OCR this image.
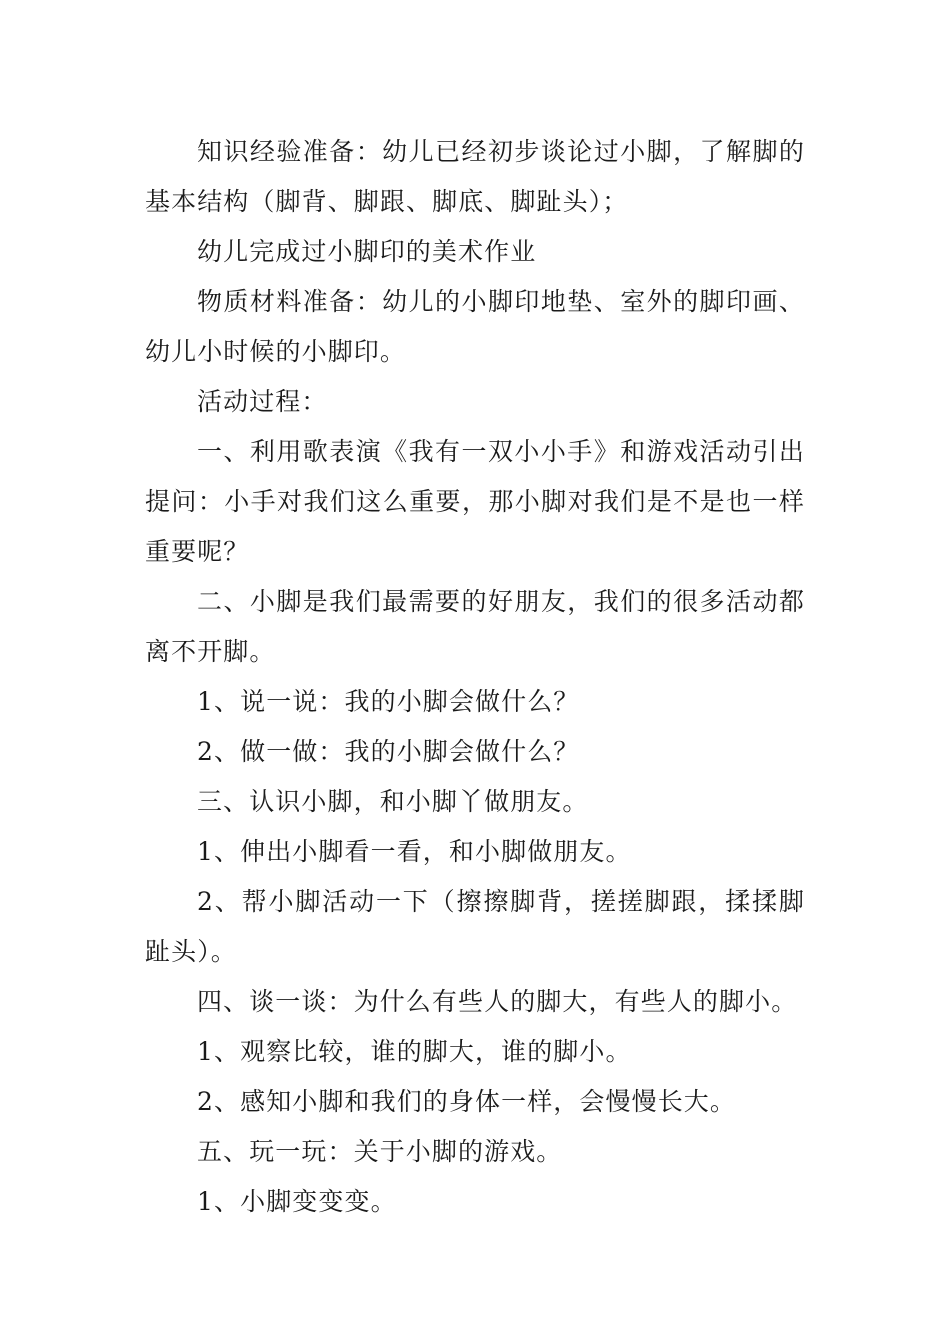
知识经验准备：幼儿已经初步谈论过小脚，了解脚的基本结构（脚背、脚跟、脚底、脚趾头）；

幼儿完成过小脚印的美术作业

物质材料准备：幼儿的小脚印地垫、室外的脚印画、幼儿小时候的小脚印。

活动过程：

一、利用歌表演《我有一双小小手》和游戏活动引出提问：小手对我们这么重要，那小脚对我们是不是也一样重要呢？

二、小脚是我们最需要的好朋友，我们的很多活动都离不开脚。

1、说一说：我的小脚会做什么？

2、做一做：我的小脚会做什么？

三、认识小脚，和小脚丫做朋友。

1、伸出小脚看一看，和小脚做朋友。

2、帮小脚活动一下（擦擦脚背，搓搓脚跟，揉揉脚趾头）。

四、谈一谈：为什么有些人的脚大，有些人的脚小。

1、观察比较，谁的脚大，谁的脚小。

2、感知小脚和我们的身体一样，会慢慢长大。

五、玩一玩：关于小脚的游戏。

1、小脚变变变。
